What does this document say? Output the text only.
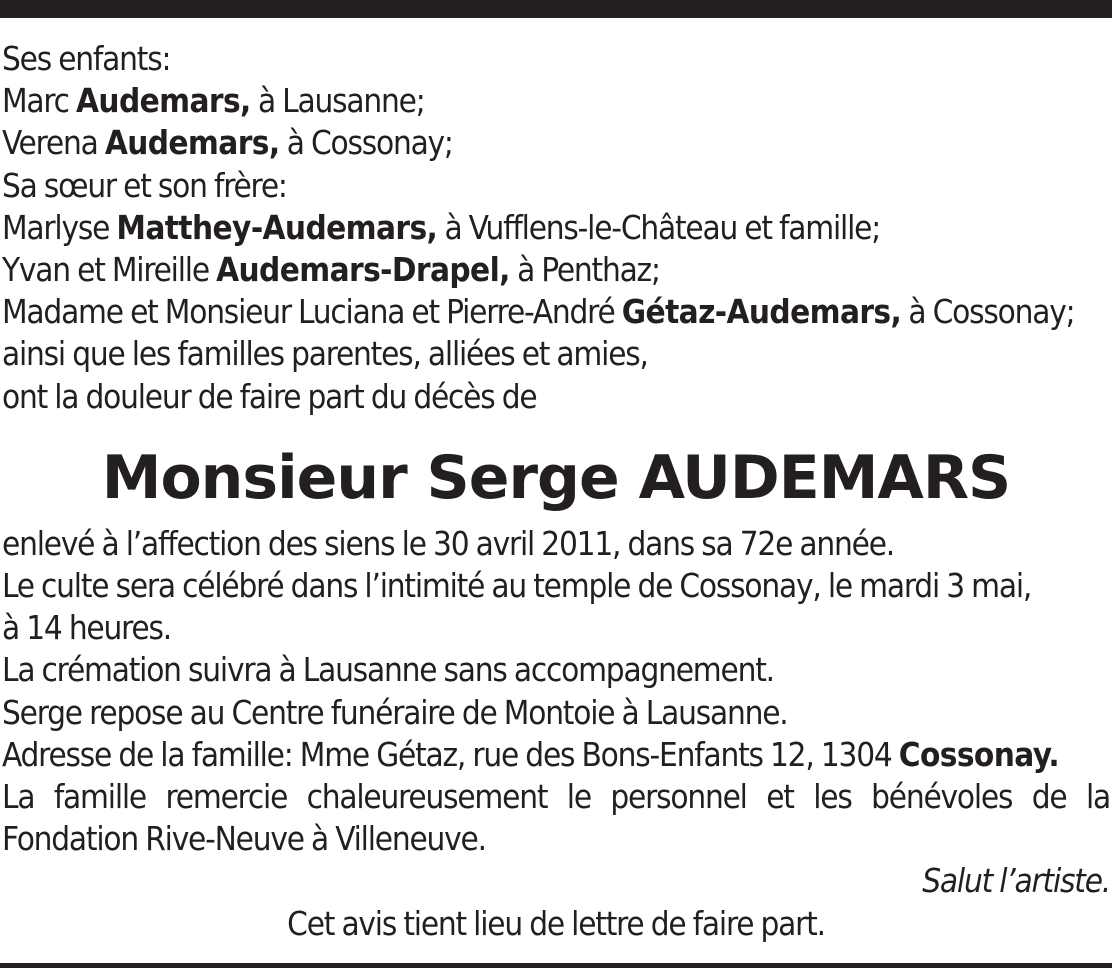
Ses enfants:
Marc Audemars, à Lausanne;
Verena Audemars, à Cossonay;
Sa sœur et son frère:
Marlyse Matthey-Audemars, à Vufflens-le-Château et famille;
Yvan et Mireille Audemars-Drapel, à Penthaz;
Madame et Monsieur Luciana et Pierre-André Gétaz-Audemars, à Cossonay;
ainsi que les familles parentes, alliées et amies,
ont la douleur de faire part du décès de
Monsieur Serge AUDEMARS
enlevé à l’affection des siens le 30 avril 2011, dans sa 72e année.
Le culte sera célébré dans l’intimité au temple de Cossonay, le mardi 3 mai,
à 14 heures.
La crémation suivra à Lausanne sans accompagnement.
Serge repose au Centre funéraire de Montoie à Lausanne.
Adresse de la famille: Mme Gétaz, rue des Bons-Enfants 12, 1304 Cossonay.
La famille remercie chaleureusement le personnel et les bénévoles de la
Fondation Rive-Neuve à Villeneuve.
Salut l’artiste.
Cet avis tient lieu de lettre de faire part.
